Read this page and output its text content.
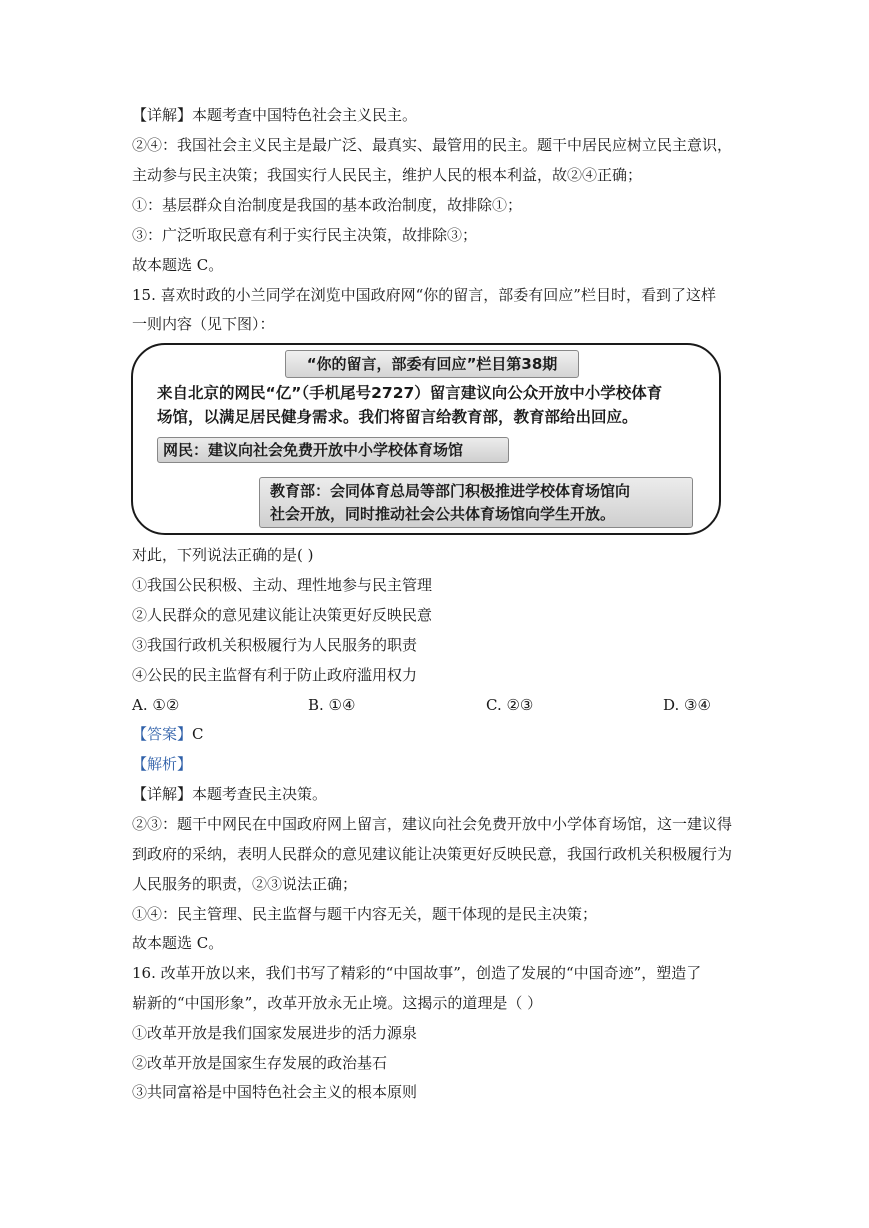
【详解】本题考查中国特色社会主义民主。
②④：我国社会主义民主是最广泛、最真实、最管用的民主。题干中居民应树立民主意识，
主动参与民主决策；我国实行人民民主，维护人民的根本利益，故②④正确；
①：基层群众自治制度是我国的基本政治制度，故排除①；
③：广泛听取民意有利于实行民主决策，故排除③；
故本题选 C。
15. 喜欢时政的小兰同学在浏览中国政府网“你的留言，部委有回应”栏目时，看到了这样
一则内容（见下图）：
“你的留言，部委有回应”栏目第38期
来自北京的网民“亿”（手机尾号2727）留言建议向公众开放中小学校体育
场馆，以满足居民健身需求。我们将留言给教育部，教育部给出回应。
网民：建议向社会免费开放中小学校体育场馆
教育部：会同体育总局等部门积极推进学校体育场馆向
社会开放，同时推动社会公共体育场馆向学生开放。
对此，下列说法正确的是( )
①我国公民积极、主动、理性地参与民主管理
②人民群众的意见建议能让决策更好反映民意
③我国行政机关积极履行为人民服务的职责
④公民的民主监督有利于防止政府滥用权力
A. ①②	B. ①④	C. ②③	D. ③④
【答案】C
【解析】
【详解】本题考查民主决策。
②③：题干中网民在中国政府网上留言，建议向社会免费开放中小学体育场馆，这一建议得
到政府的采纳，表明人民群众的意见建议能让决策更好反映民意，我国行政机关积极履行为
人民服务的职责，②③说法正确；
①④：民主管理、民主监督与题干内容无关，题干体现的是民主决策；
故本题选 C。
16. 改革开放以来，我们书写了精彩的“中国故事”，创造了发展的“中国奇迹”，塑造了
崭新的“中国形象”，改革开放永无止境。这揭示的道理是（ ）
①改革开放是我们国家发展进步的活力源泉
②改革开放是国家生存发展的政治基石
③共同富裕是中国特色社会主义的根本原则
